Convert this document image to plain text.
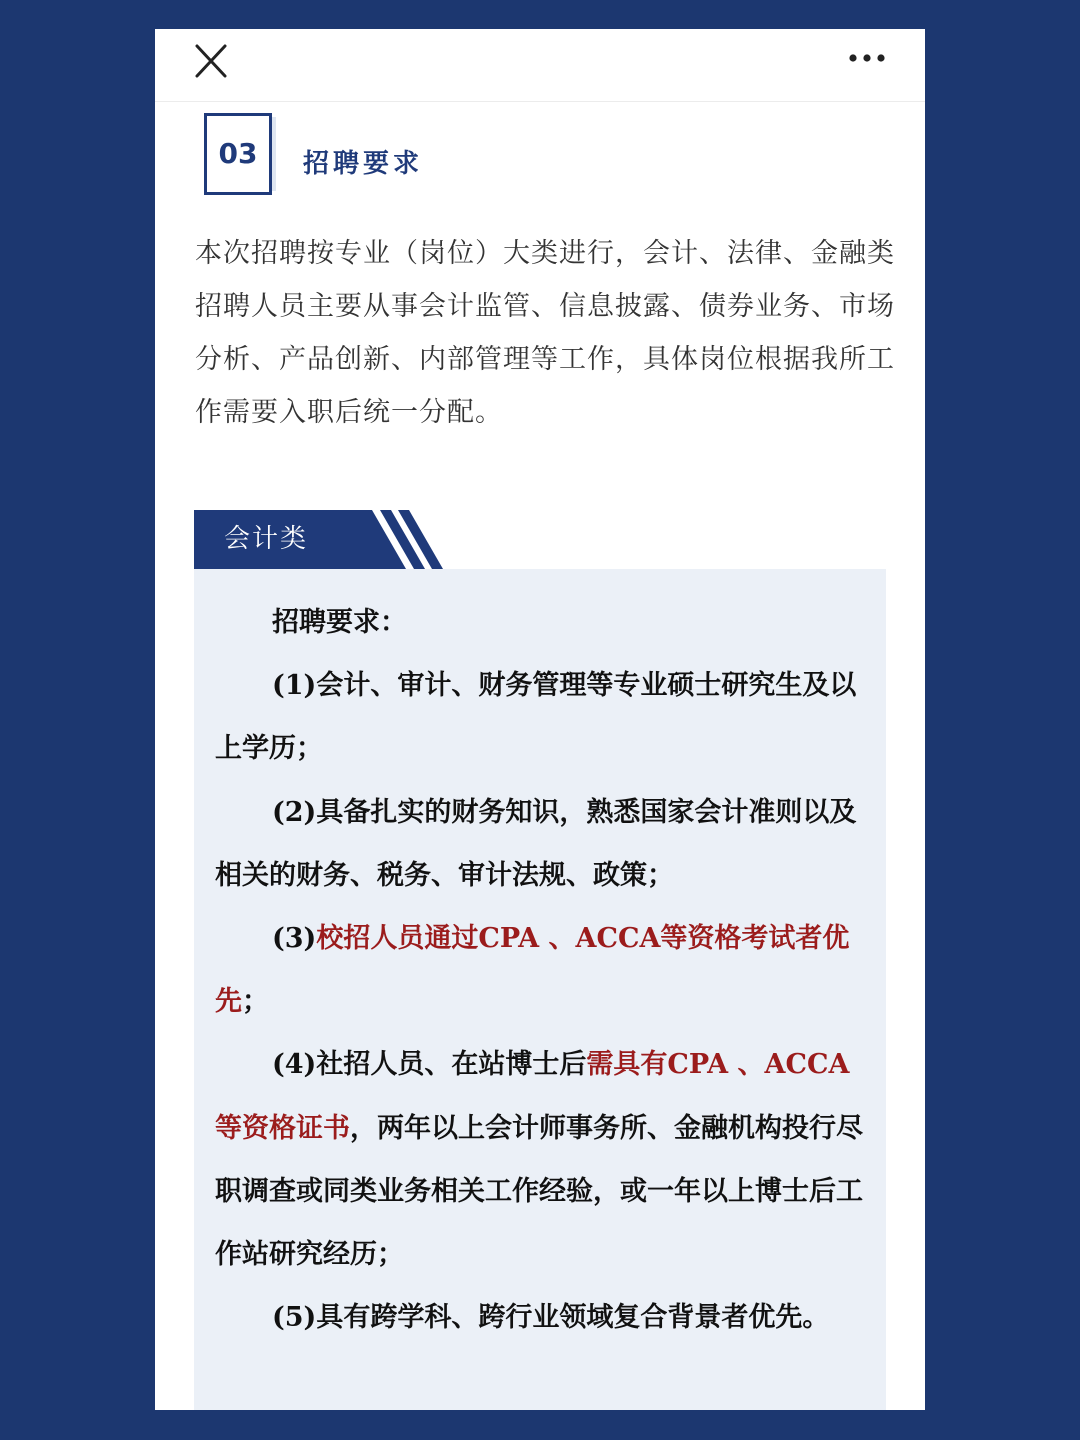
03	招聘要求
本次招聘按专业（岗位）大类进行，会计、法律、金融类招聘人员主要从事会计监管、信息披露、债券业务、市场分析、产品创新、内部管理等工作，具体岗位根据我所工作需要入职后统一分配。
会计类

招聘要求：

(1)会计、审计、财务管理等专业硕士研究生及以上学历；

(2)具备扎实的财务知识，熟悉国家会计准则以及相关的财务、税务、审计法规、政策；

(3)校招人员通过CPA 、ACCA等资格考试者优先；

(4)社招人员、在站博士后需具有CPA 、ACCA等资格证书，两年以上会计师事务所、金融机构投行尽职调查或同类业务相关工作经验，或一年以上博士后工作站研究经历；

(5)具有跨学科、跨行业领域复合背景者优先。
